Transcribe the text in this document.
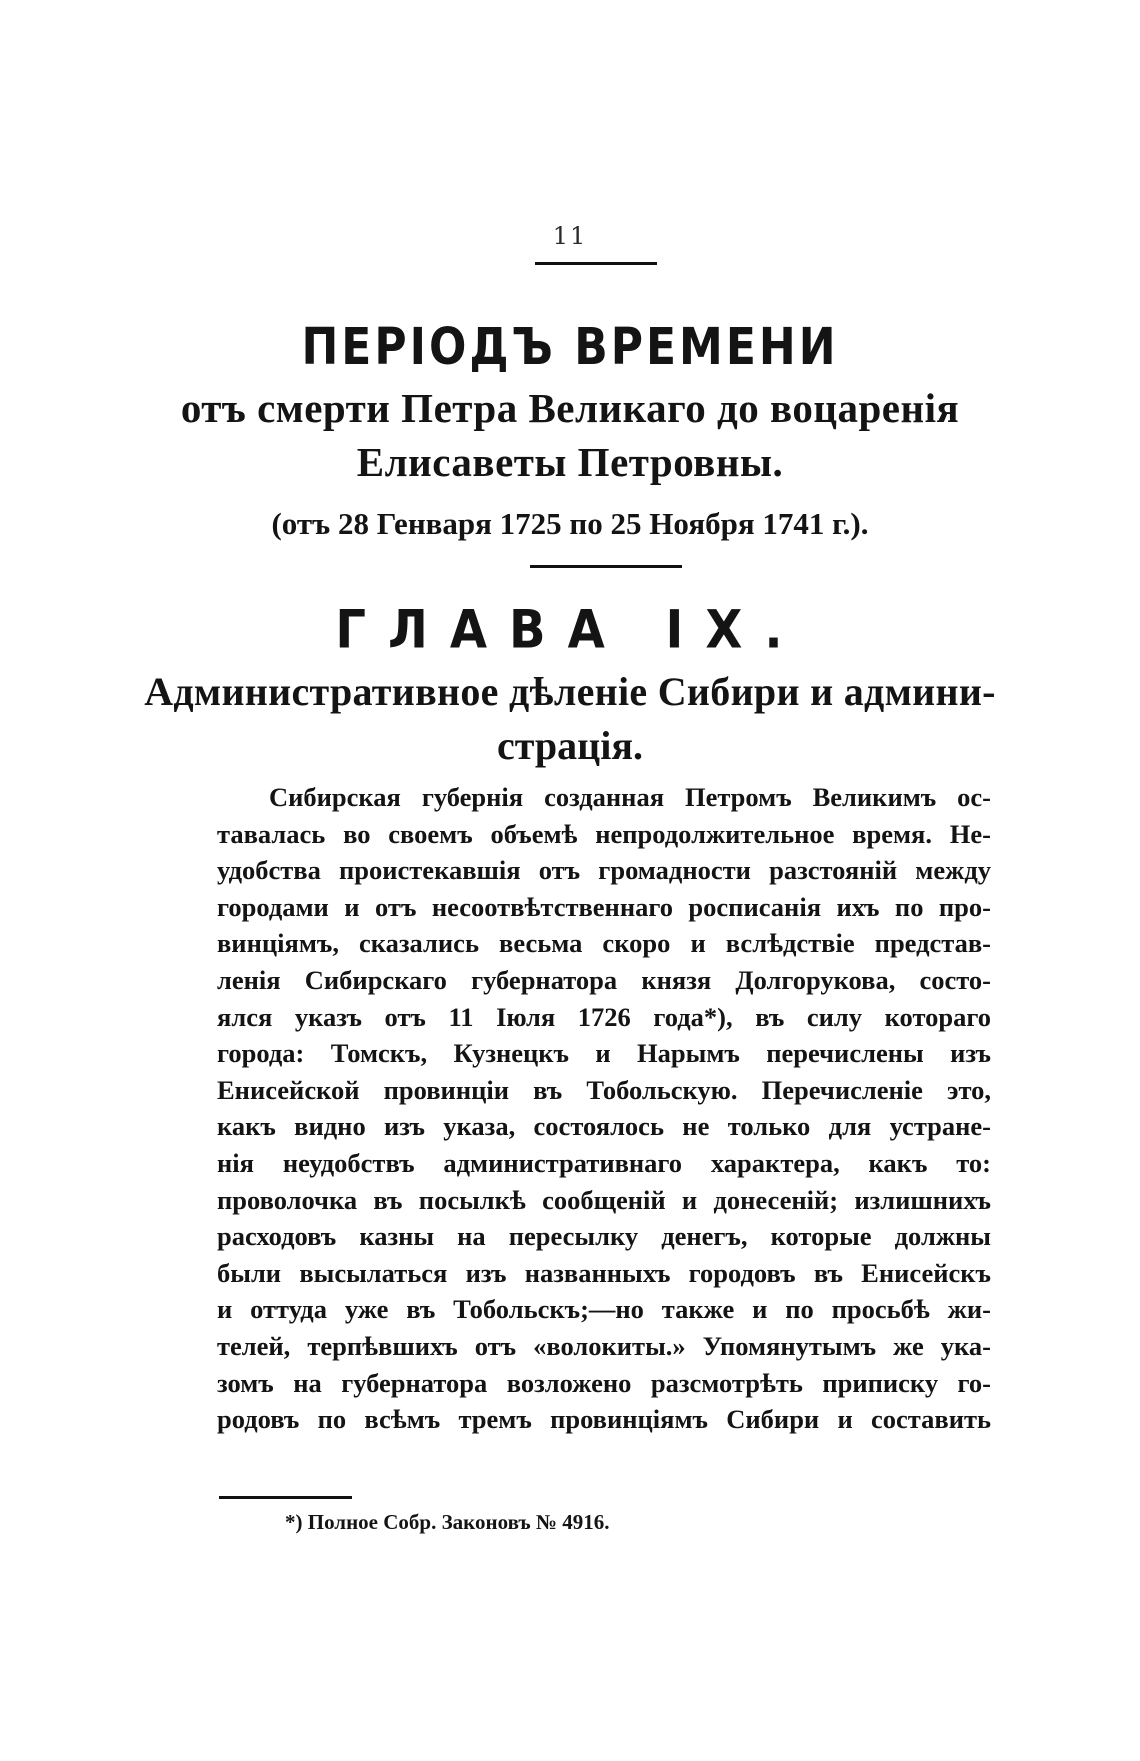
11
ПЕРІОДЪ ВРЕМЕНИ
отъ смерти Петра Великаго до воцаренія
Елисаветы Петровны.
(отъ 28 Генваря 1725 по 25 Ноября 1741 г.).
ГЛАВА IX.
Административное дѣленіе Сибири и админи-
страція.
Сибирская губернія созданная Петромъ Великимъ ос-
тавалась во своемъ объемѣ непродолжительное время. Не-
удобства проистекавшія отъ громадности разстояній между
городами и отъ несоотвѣтственнаго росписанія ихъ по про-
винціямъ, сказались весьма скоро и вслѣдствіе представ-
ленія Сибирскаго губернатора князя Долгорукова, состо-
ялся указъ отъ 11 Іюля 1726 года*), въ силу котораго
города: Томскъ, Кузнецкъ и Нарымъ перечислены изъ
Енисейской провинціи въ Тобольскую. Перечисленіе это,
какъ видно изъ указа, состоялось не только для устране-
нія неудобствъ административнаго характера, какъ то:
проволочка въ посылкѣ сообщеній и донесеній; излишнихъ
расходовъ казны на пересылку денегъ, которые должны
были высылаться изъ названныхъ городовъ въ Енисейскъ
и оттуда уже въ Тобольскъ;—но также и по просьбѣ жи-
телей, терпѣвшихъ отъ «волокиты.» Упомянутымъ же ука-
зомъ на губернатора возложено разсмотрѣть приписку го-
родовъ по всѣмъ тремъ провинціямъ Сибири и составить
*) Полное Собр. Законовъ № 4916.
